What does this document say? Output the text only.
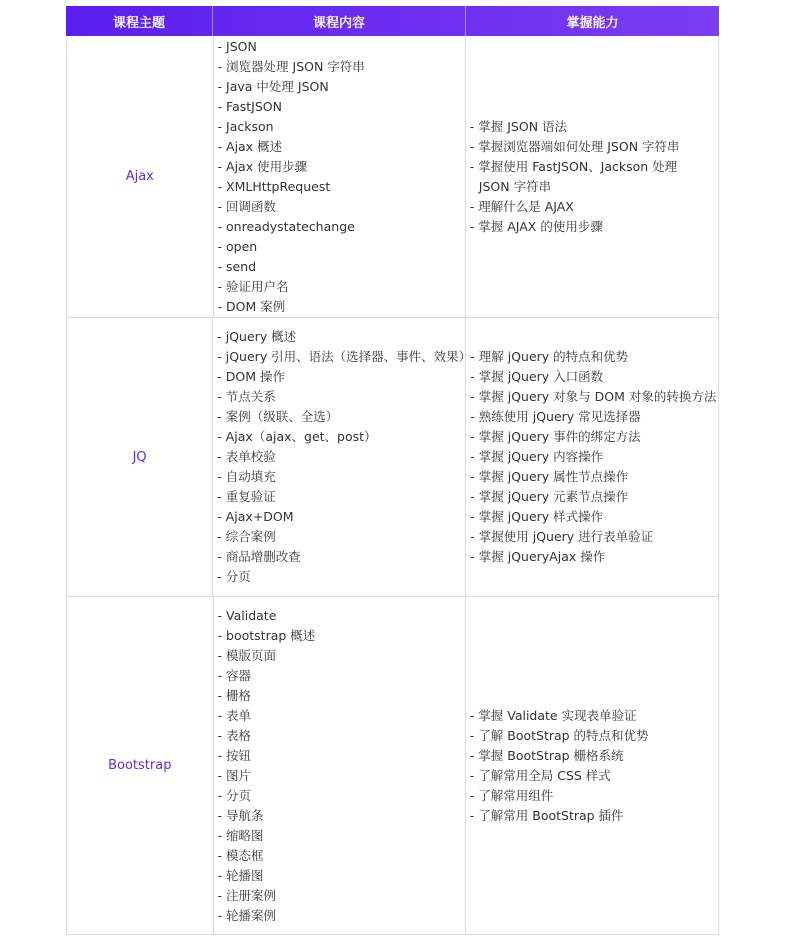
课程主题	课程内容	掌握能力
Ajax
- JSON
- 浏览器处理 JSON 字符串
- Java 中处理 JSON
- FastJSON
- Jackson
- Ajax 概述
- Ajax 使用步骤
- XMLHttpRequest
- 回调函数
- onreadystatechange
- open
- send
- 验证用户名
- DOM 案例
- 掌握 JSON 语法
- 掌握浏览器端如何处理 JSON 字符串
- 掌握使用 FastJSON、Jackson 处理
JSON 字符串
- 理解什么是 AJAX
- 掌握 AJAX 的使用步骤
JQ
- jQuery 概述
- jQuery 引用、语法（选择器、事件、效果）
- DOM 操作
- 节点关系
- 案例（级联、全选）
- Ajax（ajax、get、post）
- 表单校验
- 自动填充
- 重复验证
- Ajax+DOM
- 综合案例
- 商品增删改查
- 分页
- 理解 jQuery 的特点和优势
- 掌握 jQuery 入口函数
- 掌握 jQuery 对象与 DOM 对象的转换方法
- 熟练使用 jQuery 常见选择器
- 掌握 jQuery 事件的绑定方法
- 掌握 jQuery 内容操作
- 掌握 jQuery 属性节点操作
- 掌握 jQuery 元素节点操作
- 掌握 jQuery 样式操作
- 掌握使用 jQuery 进行表单验证
- 掌握 jQueryAjax 操作
Bootstrap
- Validate
- bootstrap 概述
- 模版页面
- 容器
- 栅格
- 表单
- 表格
- 按钮
- 图片
- 分页
- 导航条
- 缩略图
- 模态框
- 轮播图
- 注册案例
- 轮播案例
- 掌握 Validate 实现表单验证
- 了解 BootStrap 的特点和优势
- 掌握 BootStrap 栅格系统
- 了解常用全局 CSS 样式
- 了解常用组件
- 了解常用 BootStrap 插件
